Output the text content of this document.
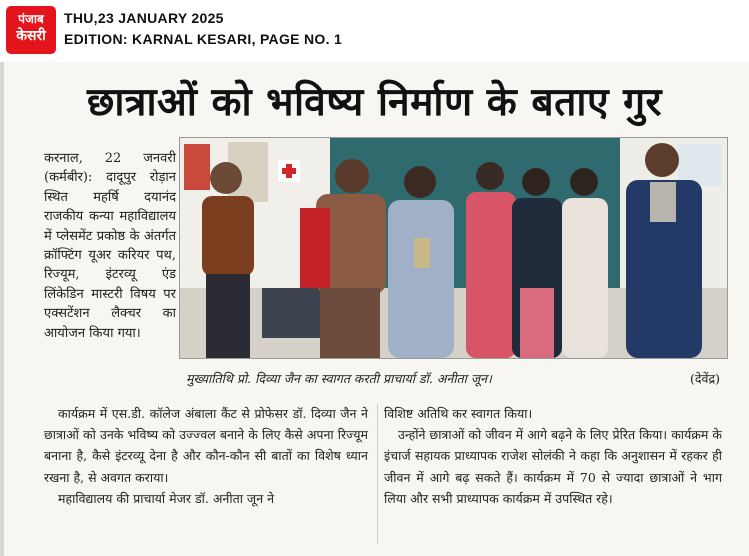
पंजाब
केसरी
THU,23 JANUARY 2025
EDITION: KARNAL KESARI, PAGE NO. 1
छात्राओं को भविष्य निर्माण के बताए गुर
करनाल, 22 जनवरी (कर्मबीर): दादूपुर रोड़ान स्थित महर्षि दयानंद राजकीय कन्या महाविद्यालय में प्लेसमेंट प्रकोष्ठ के अंतर्गत क्रॉफ्टिंग यूअर करियर पथ, रिज्यूम, इंटरव्यू एंड लिंकेडिन मास्टरी विषय पर एक्सटेंशन लैक्चर का आयोजन किया गया।
मुख्यातिथि प्रो. दिव्या जैन का स्वागत करती प्राचार्या डॉ. अनीता जून।	(देवेंद्र)

कार्यक्रम में एस.डी. कॉलेज अंबाला कैंट से प्रोफेसर डॉ. दिव्या जैन ने छात्राओं को उनके भविष्य को उज्ज्वल बनाने के लिए कैसे अपना रिज्यूम बनाना है, कैसे इंटरव्यू देना है और कौन-कौन सी बातों का विशेष ध्यान रखना है, से अवगत कराया।

महाविद्यालय की प्राचार्या मेजर डॉ. अनीता जून ने

विशिष्ट अतिथि कर स्वागत किया।

उन्होंने छात्राओं को जीवन में आगे बढ़ने के लिए प्रेरित किया। कार्यक्रम के इंचार्ज सहायक प्राध्यापक राजेश सोलंकी ने कहा कि अनुशासन में रहकर ही जीवन में आगे बढ़ सकते हैं। कार्यक्रम में 70 से ज्यादा छात्राओं ने भाग लिया और सभी प्राध्यापक कार्यक्रम में उपस्थित रहे।
